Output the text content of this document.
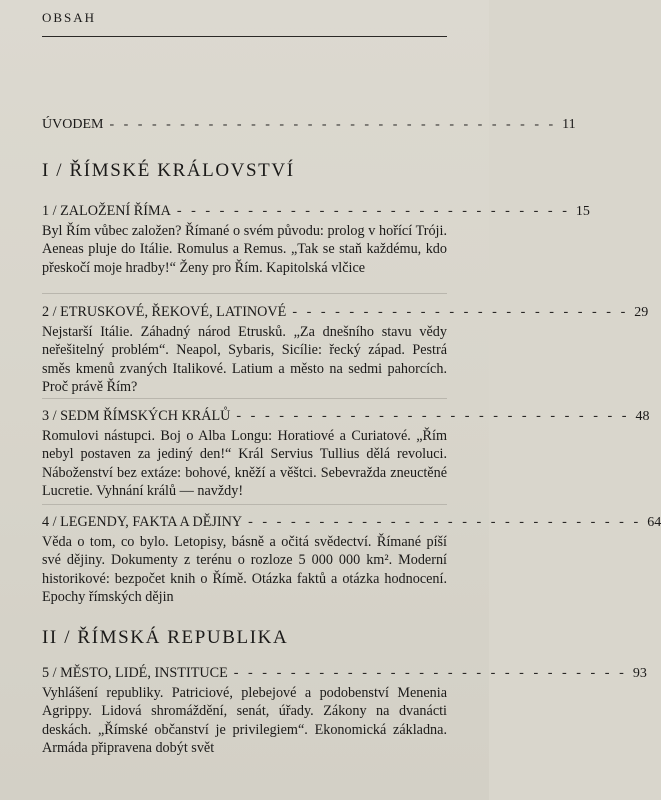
OBSAH
ÚVODEM - - - - - - - - - - - - - - - - - - - - - - - - - - - - - - - - 11
I / ŘÍMSKÉ KRÁLOVSTVÍ
1 / ZALOŽENÍ ŘÍMA - - - - - - - - - - - - - - - - - - - - - - - - - - - - 15

Byl Řím vůbec založen? Římané o svém původu: prolog v hořící Tróji. Aeneas pluje do Itálie. Romulus a Remus. „Tak se staň každému, kdo přeskočí moje hradby!“ Ženy pro Řím. Kapitolská vlčice

2 / ETRUSKOVÉ, ŘEKOVÉ, LATINOVÉ - - - - - - - - - - - - - - - - - - - - - - - - 29

Nejstarší Itálie. Záhadný národ Etrusků. „Za dnešního stavu vědy neřešitelný problém“. Neapol, Sybaris, Sicílie: řecký západ. Pestrá směs kmenů zvaných Italikové. Latium a město na sedmi pahorcích. Proč právě Řím?

3 / SEDM ŘÍMSKÝCH KRÁLŮ - - - - - - - - - - - - - - - - - - - - - - - - - - - - 48

Romulovi nástupci. Boj o Alba Longu: Horatiové a Curiatové. „Řím nebyl postaven za jediný den!“ Král Servius Tullius dělá revoluci. Náboženství bez extáze: bohové, kněží a věštci. Sebevražda zneuctěné Lucretie. Vyhnání králů — navždy!

4 / LEGENDY, FAKTA A DĚJINY - - - - - - - - - - - - - - - - - - - - - - - - - - - - 64

Věda o tom, co bylo. Letopisy, básně a očitá svědectví. Římané píší své dějiny. Dokumenty z terénu o rozloze 5 000 000 km². Moderní historikové: bezpočet knih o Římě. Otázka faktů a otázka hodnocení. Epochy římských dějin

II / ŘÍMSKÁ REPUBLIKA
5 / MĚSTO, LIDÉ, INSTITUCE - - - - - - - - - - - - - - - - - - - - - - - - - - - - 93

Vyhlášení republiky. Patriciové, plebejové a podobenství Menenia Agrippy. Lidová shromáždění, senát, úřady. Zákony na dvanácti deskách. „Římské občanství je privilegiem“. Ekonomická základna. Armáda připravena dobýt svět
